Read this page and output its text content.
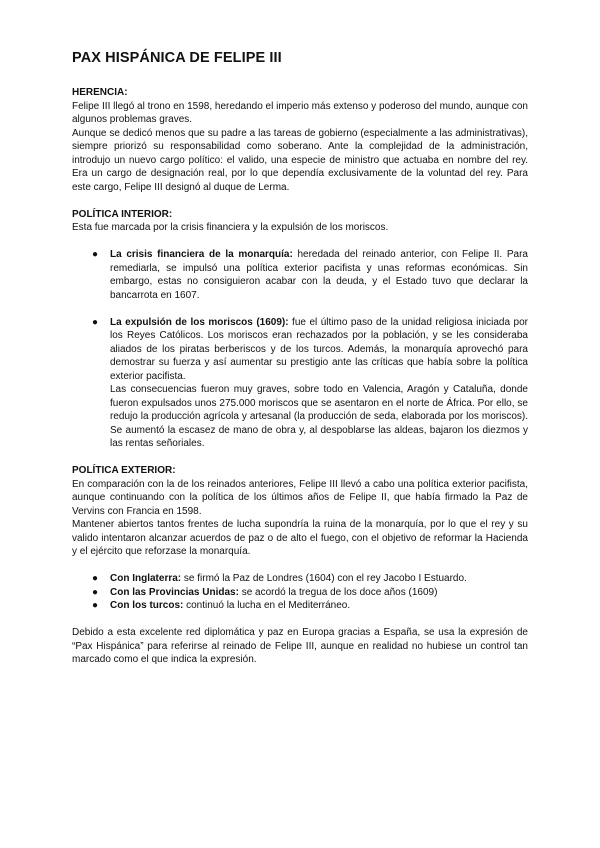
PAX HISPÁNICA DE FELIPE III
HERENCIA:

Felipe III llegó al trono en 1598, heredando el imperio más extenso y poderoso del mundo, aunque con algunos problemas graves.

Aunque se dedicó menos que su padre a las tareas de gobierno (especialmente a las administrativas), siempre priorizó su responsabilidad como soberano. Ante la complejidad de la administración, introdujo un nuevo cargo político: el valido, una especie de ministro que actuaba en nombre del rey. Era un cargo de designación real, por lo que dependía exclusivamente de la voluntad del rey. Para este cargo, Felipe III designó al duque de Lerma.

POLÍTICA INTERIOR:

Esta fue marcada por la crisis financiera y la expulsión de los moriscos.

● La crisis financiera de la monarquía: heredada del reinado anterior, con Felipe II. Para remediarla, se impulsó una política exterior pacifista y unas reformas económicas. Sin embargo, estas no consiguieron acabar con la deuda, y el Estado tuvo que declarar la bancarrota en 1607.
● La expulsión de los moriscos (1609): fue el último paso de la unidad religiosa iniciada por los Reyes Católicos. Los moriscos eran rechazados por la población, y se les consideraba aliados de los piratas berberiscos y de los turcos. Además, la monarquía aprovechó para demostrar su fuerza y así aumentar su prestigio ante las críticas que había sobre la política exterior pacifista.
Las consecuencias fueron muy graves, sobre todo en Valencia, Aragón y Cataluña, donde fueron expulsados unos 275.000 moriscos que se asentaron en el norte de África. Por ello, se redujo la producción agrícola y artesanal (la producción de seda, elaborada por los moriscos). Se aumentó la escasez de mano de obra y, al despoblarse las aldeas, bajaron los diezmos y las rentas señoriales.
POLÍTICA EXTERIOR:

En comparación con la de los reinados anteriores, Felipe III llevó a cabo una política exterior pacifista, aunque continuando con la política de los últimos años de Felipe II, que había firmado la Paz de Vervins con Francia en 1598.

Mantener abiertos tantos frentes de lucha supondría la ruina de la monarquía, por lo que el rey y su valido intentaron alcanzar acuerdos de paz o de alto el fuego, con el objetivo de reformar la Hacienda y el ejército que reforzase la monarquía.

● Con Inglaterra: se firmó la Paz de Londres (1604) con el rey Jacobo I Estuardo.
● Con las Provincias Unidas: se acordó la tregua de los doce años (1609)
● Con los turcos: continuó la lucha en el Mediterráneo.

Debido a esta excelente red diplomática y paz en Europa gracias a España, se usa la expresión de “Pax Hispánica” para referirse al reinado de Felipe III, aunque en realidad no hubiese un control tan marcado como el que indica la expresión.
